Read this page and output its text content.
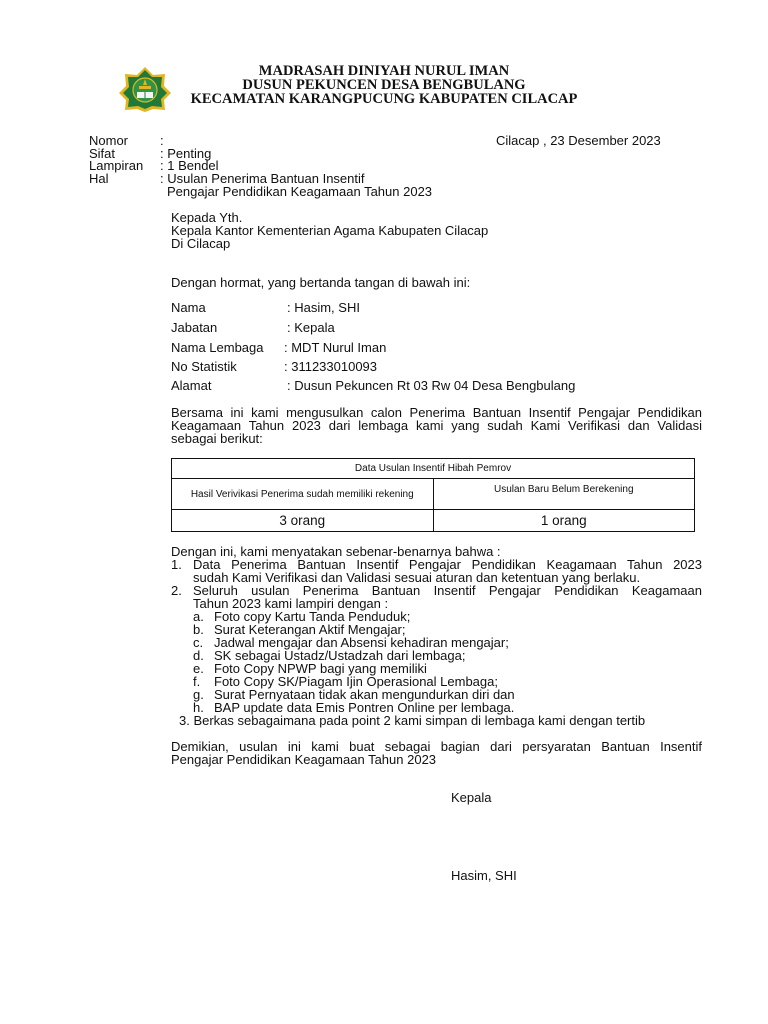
MADRASAH DINIYAH NURUL IMAN
DUSUN PEKUNCEN DESA BENGBULANG
KECAMATAN KARANGPUCUNG KABUPATEN CILACAP
Nomor :	Cilacap , 23 Desember 2023
Sifat	: Penting
Lampiran : 1 Bendel
Hal	: Usulan Penerima Bantuan Insentif
Pengajar Pendidikan Keagamaan Tahun 2023
Kepada Yth.
Kepala Kantor Kementerian Agama Kabupaten Cilacap
Di Cilacap
Dengan hormat, yang bertanda tangan di bawah ini:
Nama	: Hasim, SHI
Jabatan	: Kepala
Nama Lembaga : MDT Nurul Iman
No Statistik	: 311233010093
Alamat	: Dusun Pekuncen Rt 03 Rw 04 Desa Bengbulang
Bersama ini kami mengusulkan calon Penerima Bantuan Insentif Pengajar Pendidikan
Keagamaan Tahun 2023 dari lembaga kami yang sudah Kami Verifikasi dan Validasi
sebagai berikut:
Data Usulan Insentif Hibah Pemrov	
Hasil Verivikasi Penerima sudah memiliki rekening	Usulan Baru Belum Berekening
3 orang	1 orang
Dengan ini, kami menyatakan sebenar-benarnya bahwa :
1. Data Penerima Bantuan Insentif Pengajar Pendidikan Keagamaan Tahun 2023
sudah Kami Verifikasi dan Validasi sesuai aturan dan ketentuan yang berlaku.
2. Seluruh usulan Penerima Bantuan Insentif Pengajar Pendidikan Keagamaan
Tahun 2023 kami lampiri dengan :
a. Foto copy Kartu Tanda Penduduk;
b. Surat Keterangan Aktif Mengajar;
c. Jadwal mengajar dan Absensi kehadiran mengajar;
d. SK sebagai Ustadz/Ustadzah dari lembaga;
e. Foto Copy NPWP bagi yang memiliki
f. Foto Copy SK/Piagam Ijin Operasional Lembaga;
g. Surat Pernyataan tidak akan mengundurkan diri dan
h. BAP update data Emis Pontren Online per lembaga.
3. Berkas sebagaimana pada point 2 kami simpan di lembaga kami dengan tertib
Demikian, usulan ini kami buat sebagai bagian dari persyaratan Bantuan Insentif
Pengajar Pendidikan Keagamaan Tahun 2023
Kepala
Hasim, SHI
